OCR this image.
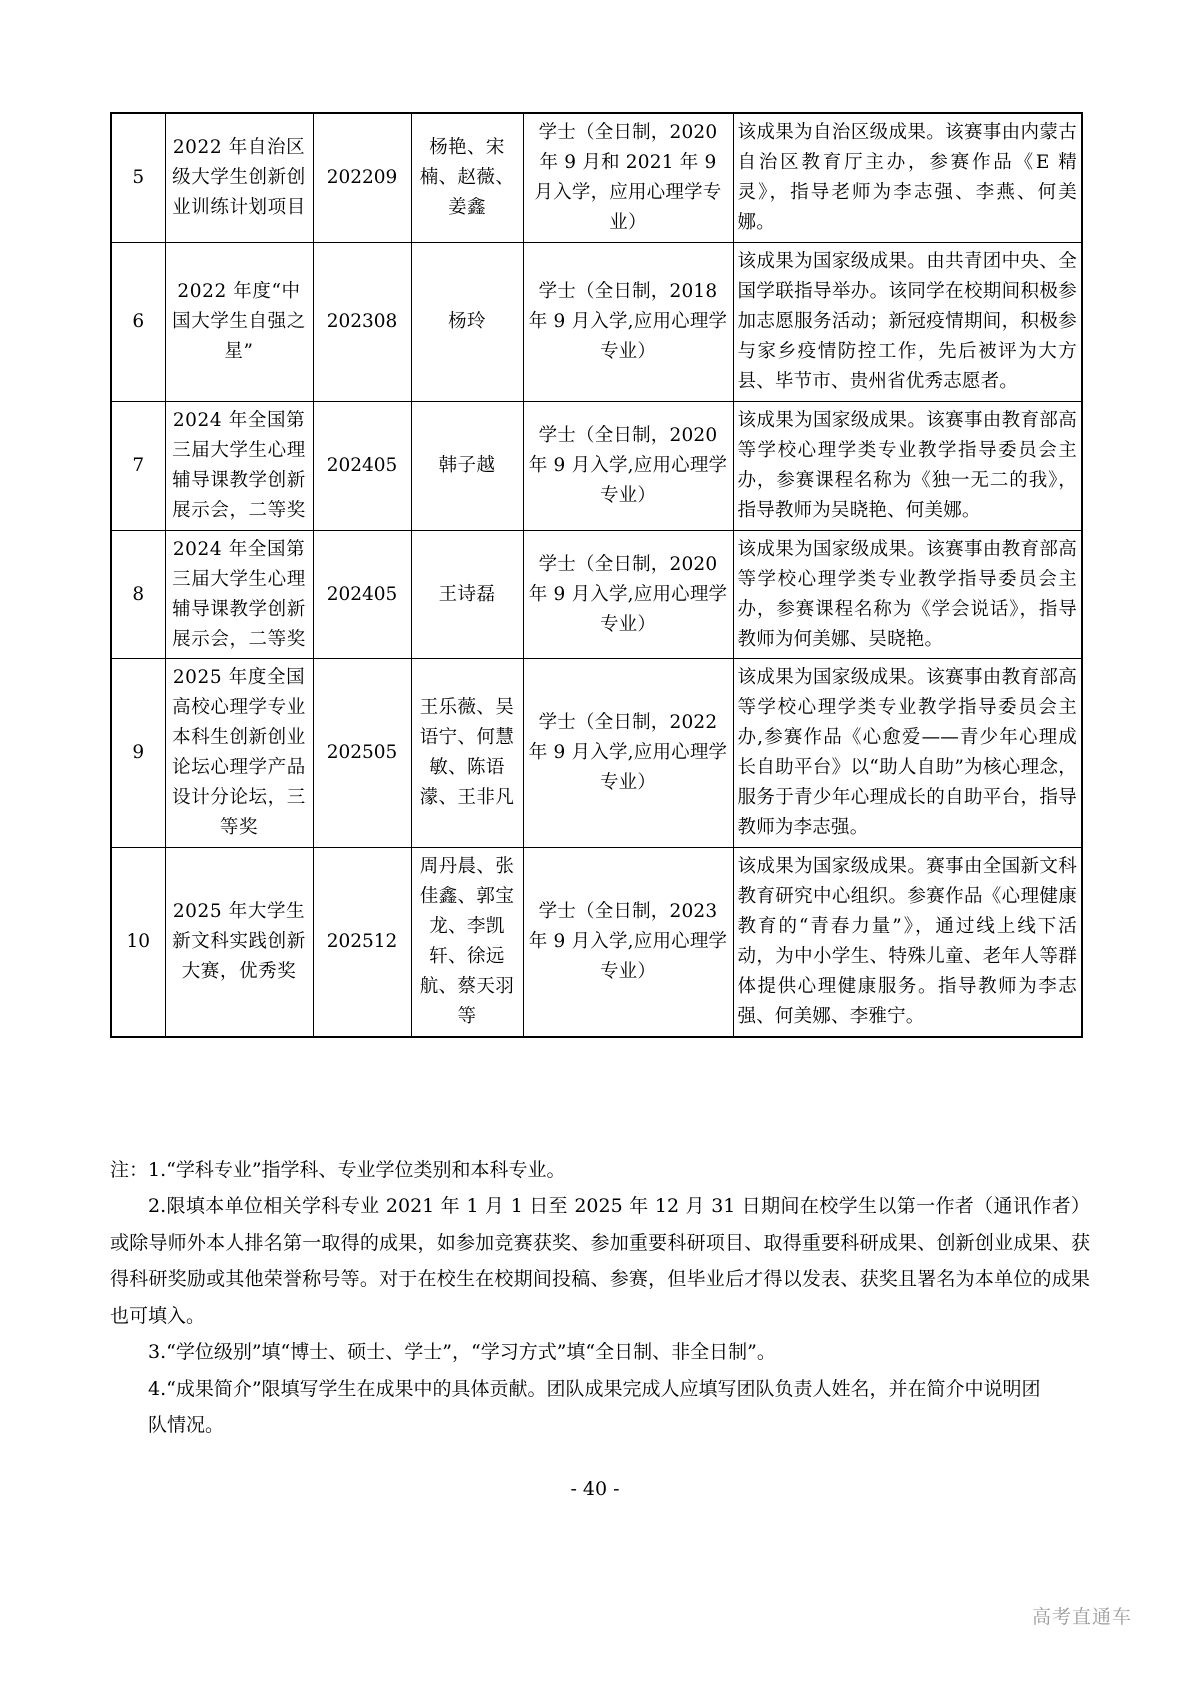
5	2022 年自治区级大学生创新创业训练计划项目	202209	杨艳、宋楠、赵薇、姜鑫	学士（全日制，2020 年 9 月和 2021 年 9 月入学，应用心理学专业）	该成果为自治区级成果。该赛事由内蒙古自治区教育厅主办，参赛作品《E 精灵》，指导老师为李志强、李燕、何美娜。
6	2022 年度“中国大学生自强之星”	202308	杨玲	学士（全日制，2018 年 9 月入学,应用心理学专业）	该成果为国家级成果。由共青团中央、全国学联指导举办。该同学在校期间积极参加志愿服务活动；新冠疫情期间，积极参与家乡疫情防控工作，先后被评为大方县、毕节市、贵州省优秀志愿者。
7	2024 年全国第三届大学生心理辅导课教学创新展示会，二等奖	202405	韩子越	学士（全日制，2020 年 9 月入学,应用心理学专业）	该成果为国家级成果。该赛事由教育部高等学校心理学类专业教学指导委员会主办，参赛课程名称为《独一无二的我》，指导教师为吴晓艳、何美娜。
8	2024 年全国第三届大学生心理辅导课教学创新展示会，二等奖	202405	王诗磊	学士（全日制，2020 年 9 月入学,应用心理学专业）	该成果为国家级成果。该赛事由教育部高等学校心理学类专业教学指导委员会主办，参赛课程名称为《学会说话》，指导教师为何美娜、吴晓艳。
9	2025 年度全国高校心理学专业本科生创新创业论坛心理学产品设计分论坛，三等奖	202505	王乐薇、吴语宁、何慧敏、陈语濛、王非凡	学士（全日制，2022 年 9 月入学,应用心理学专业）	该成果为国家级成果。该赛事由教育部高等学校心理学类专业教学指导委员会主办,参赛作品《心愈爱——青少年心理成长自助平台》以“助人自助”为核心理念，服务于青少年心理成长的自助平台，指导教师为李志强。
10	2025 年大学生新文科实践创新大赛，优秀奖	202512	周丹晨、张佳鑫、郭宝龙、李凯轩、徐远航、蔡天羽等	学士（全日制，2023 年 9 月入学,应用心理学专业）	该成果为国家级成果。赛事由全国新文科教育研究中心组织。参赛作品《心理健康教育的“青春力量”》，通过线上线下活动，为中小学生、特殊儿童、老年人等群体提供心理健康服务。指导教师为李志强、何美娜、李雅宁。
注：1.“学科专业”指学科、专业学位类别和本科专业。
2.限填本单位相关学科专业 2021 年 1 月 1 日至 2025 年 12 月 31 日期间在校学生以第一作者（通讯作者）或除导师外本人排名第一取得的成果，如参加竞赛获奖、参加重要科研项目、取得重要科研成果、创新创业成果、获得科研奖励或其他荣誉称号等。对于在校生在校期间投稿、参赛，但毕业后才得以发表、获奖且署名为本单位的成果也可填入。
3.“学位级别”填“博士、硕士、学士”，“学习方式”填“全日制、非全日制”。
4.“成果简介”限填写学生在成果中的具体贡献。团队成果完成人应填写团队负责人姓名，并在简介中说明团
队情况。
- 40 -
高考直通车
